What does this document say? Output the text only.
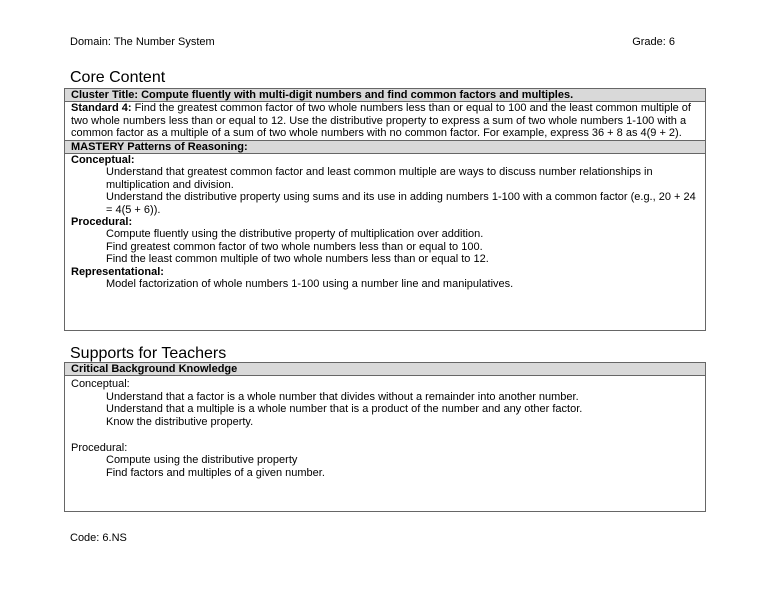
Domain: The Number System	Grade: 6
Core Content
Cluster Title: Compute fluently with multi-digit numbers and find common factors and multiples.
Standard 4: Find the greatest common factor of two whole numbers less than or equal to 100 and the least common multiple of two whole numbers less than or equal to 12. Use the distributive property to express a sum of two whole numbers 1-100 with a common factor as a multiple of a sum of two whole numbers with no common factor. For example, express 36 + 8 as 4(9 + 2).
MASTERY Patterns of Reasoning:
Conceptual:
Understand that greatest common factor and least common multiple are ways to discuss number relationships in multiplication and division.
Understand the distributive property using sums and its use in adding numbers 1-100 with a common factor (e.g., 20 + 24 = 4(5 + 6)).
Procedural:
Compute fluently using the distributive property of multiplication over addition.
Find greatest common factor of two whole numbers less than or equal to 100.
Find the least common multiple of two whole numbers less than or equal to 12.
Representational:
Model factorization of whole numbers 1-100 using a number line and manipulatives.
Supports for Teachers
Critical Background Knowledge
Conceptual:
Understand that a factor is a whole number that divides without a remainder into another number.
Understand that a multiple is a whole number that is a product of the number and any other factor.
Know the distributive property.
Procedural:
Compute using the distributive property
Find factors and multiples of a given number.
Code: 6.NS
